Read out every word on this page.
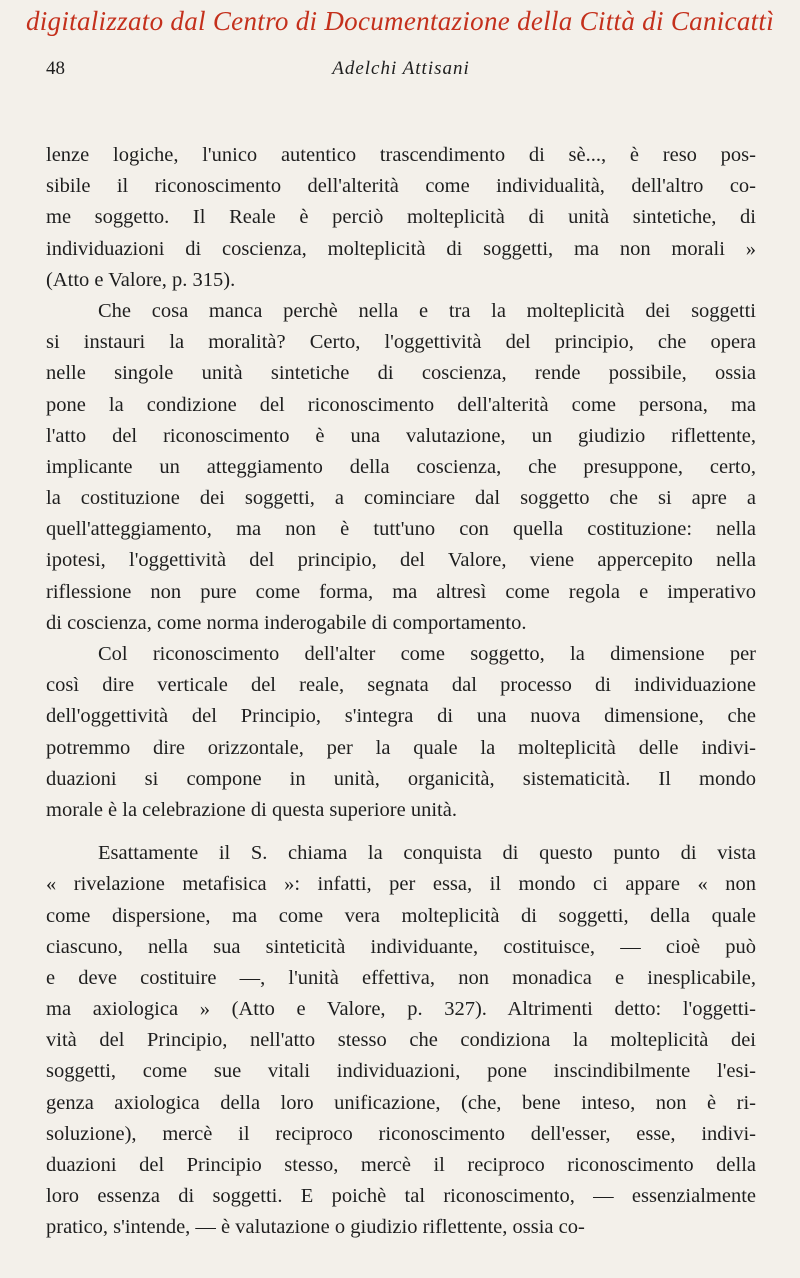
digitalizzato dal Centro di Documentazione della Città di Canicattì
48	Adelchi Attisani
lenze logiche, l'unico autentico trascendimento di sè..., è reso pos-
sibile il riconoscimento dell'alterità come individualità, dell'altro co-
me soggetto. Il Reale è perciò molteplicità di unità sintetiche, di
individuazioni di coscienza, molteplicità di soggetti, ma non morali »
(Atto e Valore, p. 315).
Che cosa manca perchè nella e tra la molteplicità dei soggetti
si instauri la moralità? Certo, l'oggettività del principio, che opera
nelle singole unità sintetiche di coscienza, rende possibile, ossia
pone la condizione del riconoscimento dell'alterità come persona, ma
l'atto del riconoscimento è una valutazione, un giudizio riflettente,
implicante un atteggiamento della coscienza, che presuppone, certo,
la costituzione dei soggetti, a cominciare dal soggetto che si apre a
quell'atteggiamento, ma non è tutt'uno con quella costituzione: nella
ipotesi, l'oggettività del principio, del Valore, viene appercepito nella
riflessione non pure come forma, ma altresì come regola e imperativo
di coscienza, come norma inderogabile di comportamento.
Col riconoscimento dell'alter come soggetto, la dimensione per
così dire verticale del reale, segnata dal processo di individuazione
dell'oggettività del Principio, s'integra di una nuova dimensione, che
potremmo dire orizzontale, per la quale la molteplicità delle indivi-
duazioni si compone in unità, organicità, sistematicità. Il mondo
morale è la celebrazione di questa superiore unità.
Esattamente il S. chiama la conquista di questo punto di vista
« rivelazione metafisica »: infatti, per essa, il mondo ci appare « non
come dispersione, ma come vera molteplicità di soggetti, della quale
ciascuno, nella sua sinteticità individuante, costituisce, — cioè può
e deve costituire —, l'unità effettiva, non monadica e inesplicabile,
ma axiologica » (Atto e Valore, p. 327). Altrimenti detto: l'oggetti-
vità del Principio, nell'atto stesso che condiziona la molteplicità dei
soggetti, come sue vitali individuazioni, pone inscindibilmente l'esi-
genza axiologica della loro unificazione, (che, bene inteso, non è ri-
soluzione), mercè il reciproco riconoscimento dell'esser, esse, indivi-
duazioni del Principio stesso, mercè il reciproco riconoscimento della
loro essenza di soggetti. E poichè tal riconoscimento, — essenzialmente
pratico, s'intende, — è valutazione o giudizio riflettente, ossia co-
